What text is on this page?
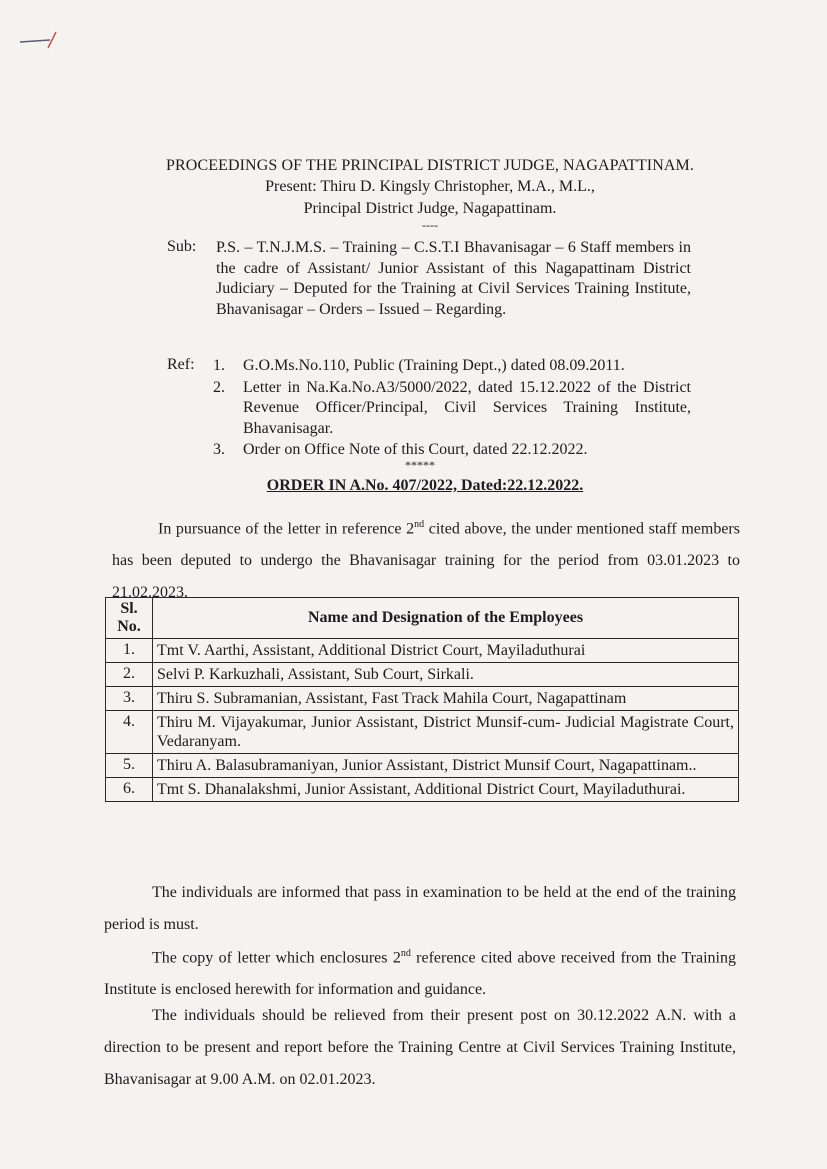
PROCEEDINGS OF THE PRINCIPAL DISTRICT JUDGE, NAGAPATTINAM.
Present: Thiru D. Kingsly Christopher, M.A., M.L.,
Principal District Judge, Nagapattinam.
----
Sub: P.S. – T.N.J.M.S. – Training – C.S.T.I Bhavanisagar – 6 Staff members in the cadre of Assistant/ Junior Assistant of this Nagapattinam District Judiciary – Deputed for the Training at Civil Services Training Institute, Bhavanisagar – Orders – Issued – Regarding.
Ref: 1.	G.O.Ms.No.110, Public (Training Dept.,) dated 08.09.2011.
2.	Letter in Na.Ka.No.A3/5000/2022, dated 15.12.2022 of the District Revenue Officer/Principal, Civil Services Training Institute, Bhavanisagar.
3.	Order on Office Note of this Court, dated 22.12.2022.
*****
ORDER IN A.No. 407/2022, Dated:22.12.2022.
In pursuance of the letter in reference 2nd cited above, the under mentioned staff members has been deputed to undergo the Bhavanisagar training for the period from 03.01.2023 to 21.02.2023.
Sl. No.	Name and Designation of the Employees
1.	Tmt V. Aarthi, Assistant, Additional District Court, Mayiladuthurai
2.	Selvi P. Karkuzhali, Assistant, Sub Court, Sirkali.
3.	Thiru S. Subramanian, Assistant, Fast Track Mahila Court, Nagapattinam
4.	Thiru M. Vijayakumar, Junior Assistant, District Munsif-cum- Judicial Magistrate Court, Vedaranyam.
5.	Thiru A. Balasubramaniyan, Junior Assistant, District Munsif Court, Nagapattinam..
6.	Tmt S. Dhanalakshmi, Junior Assistant, Additional District Court, Mayiladuthurai.
The individuals are informed that pass in examination to be held at the end of the training period is must.
The copy of letter which enclosures 2nd reference cited above received from the Training Institute is enclosed herewith for information and guidance.
The individuals should be relieved from their present post on 30.12.2022 A.N. with a direction to be present and report before the Training Centre at Civil Services Training Institute, Bhavanisagar at 9.00 A.M. on 02.01.2023.
